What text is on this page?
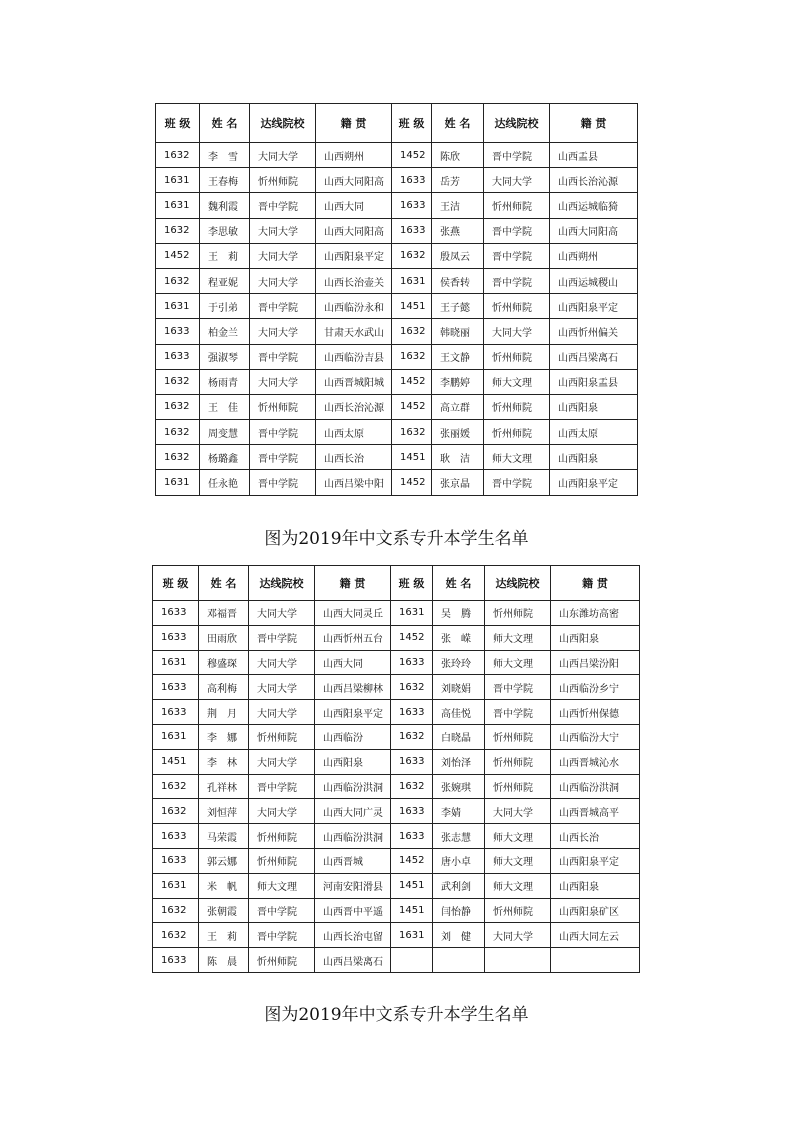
班 级	姓 名	达线院校	籍 贯	班 级	姓 名	达线院校	籍 贯
1632	李　雪	大同大学	山西朔州	1452	陈欣	晋中学院	山西盂县
1631	王春梅	忻州师院	山西大同阳高	1633	岳芳	大同大学	山西长治沁源
1631	魏利霞	晋中学院	山西大同	1633	王洁	忻州师院	山西运城临猗
1632	李思敏	大同大学	山西大同阳高	1633	张燕	晋中学院	山西大同阳高
1452	王　莉	大同大学	山西阳泉平定	1632	殷凤云	晋中学院	山西朔州
1632	程亚妮	大同大学	山西长治壶关	1631	侯香转	晋中学院	山西运城稷山
1631	于引弟	晋中学院	山西临汾永和	1451	王子懿	忻州师院	山西阳泉平定
1633	柏金兰	大同大学	甘肃天水武山	1632	韩晓丽	大同大学	山西忻州偏关
1633	强淑琴	晋中学院	山西临汾吉县	1632	王文静	忻州师院	山西吕梁离石
1632	杨雨青	大同大学	山西晋城阳城	1452	李鹏婷	师大文理	山西阳泉盂县
1632	王　佳	忻州师院	山西长治沁源	1452	高立群	忻州师院	山西阳泉
1632	周变慧	晋中学院	山西太原	1632	张丽媛	忻州师院	山西太原
1632	杨璐鑫	晋中学院	山西长治	1451	耿　洁	师大文理	山西阳泉
1631	任永艳	晋中学院	山西吕梁中阳	1452	张京晶	晋中学院	山西阳泉平定
图为2019年中文系专升本学生名单
班 级	姓 名	达线院校	籍 贯	班 级	姓 名	达线院校	籍 贯
1633	邓福晋	大同大学	山西大同灵丘	1631	吴　腾	忻州师院	山东潍坊高密
1633	田雨欣	晋中学院	山西忻州五台	1452	张　嵘	师大文理	山西阳泉
1631	穆盛琛	大同大学	山西大同	1633	张玲玲	师大文理	山西吕梁汾阳
1633	高利梅	大同大学	山西吕梁柳林	1632	刘晓娟	晋中学院	山西临汾乡宁
1633	荆　月	大同大学	山西阳泉平定	1633	高佳悦	晋中学院	山西忻州保德
1631	李　娜	忻州师院	山西临汾	1632	白晓晶	忻州师院	山西临汾大宁
1451	李　林	大同大学	山西阳泉	1633	刘怡泽	忻州师院	山西晋城沁水
1632	孔祥林	晋中学院	山西临汾洪洞	1632	张婉琪	忻州师院	山西临汾洪洞
1632	刘恒萍	大同大学	山西大同广灵	1633	李婧	大同大学	山西晋城高平
1633	马荣霞	忻州师院	山西临汾洪洞	1633	张志慧	师大文理	山西长治
1633	郭云娜	忻州师院	山西晋城	1452	唐小卓	师大文理	山西阳泉平定
1631	米　帆	师大文理	河南安阳滑县	1451	武利剑	师大文理	山西阳泉
1632	张朝霞	晋中学院	山西晋中平遥	1451	闫怡静	忻州师院	山西阳泉矿区
1632	王　莉	晋中学院	山西长治屯留	1631	刘　健	大同大学	山西大同左云
1633	陈　晨	忻州师院	山西吕梁离石				
图为2019年中文系专升本学生名单
